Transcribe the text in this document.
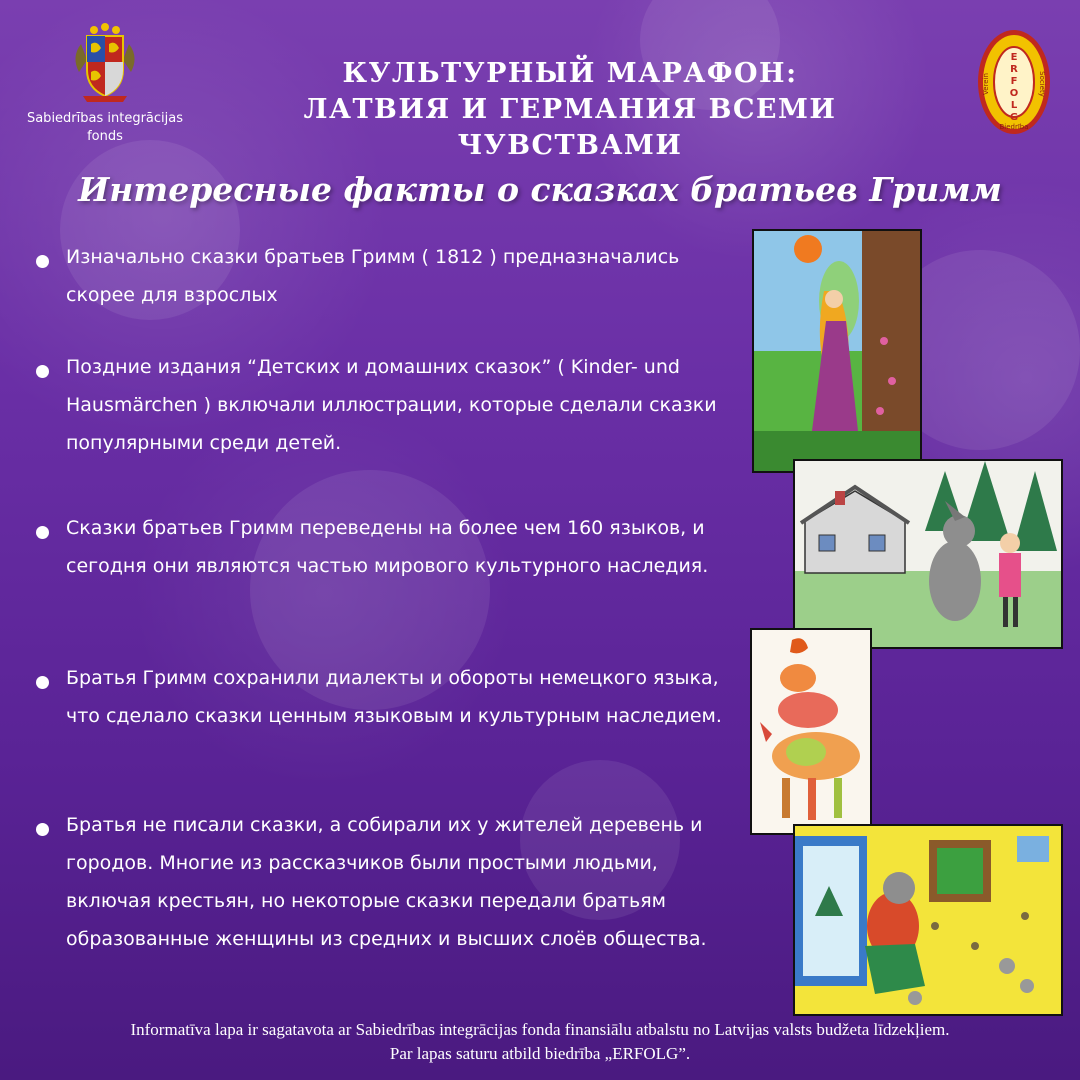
Sabiedrības integrācijas fonds
КУЛЬТУРНЫЙ МАРАФОН:
ЛАТВИЯ И ГЕРМАНИЯ ВСЕМИ ЧУВСТВАМИ
E
R
F
O
L
G
Verein	Society
Biedrība
Интересные факты о сказках братьев Гримм
Изначально сказки братьев Гримм ( 1812 ) предназначались скорее для взрослых
Поздние издания “Детских и домашних сказок” ( Kinder- und Hausmärchen ) включали иллюстрации, которые сделали сказки популярными среди детей.
Сказки братьев Гримм переведены на более чем 160 языков, и сегодня они являются частью мирового культурного наследия.
Братья Гримм сохранили диалекты и обороты немецкого языка, что сделало сказки ценным языковым и культурным наследием.
Братья не писали сказки, а собирали их у жителей деревень и городов. Многие из рассказчиков были простыми людьми, включая крестьян, но некоторые сказки передали братьям образованные женщины из средних и высших слоёв общества.
Informatīva lapa ir sagatavota ar Sabiedrības integrācijas fonda finansiālu atbalstu no Latvijas valsts budžeta līdzekļiem.
Par lapas saturu atbild biedrība „ERFOLG”.
